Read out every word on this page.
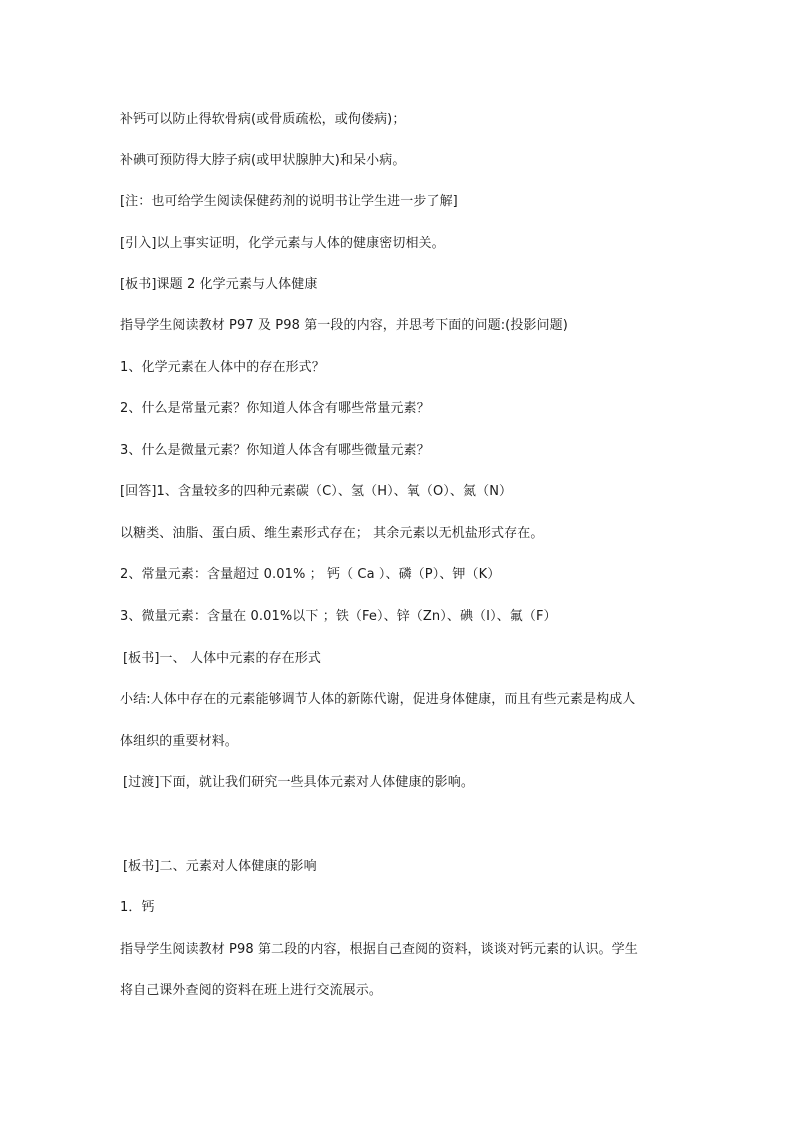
补钙可以防止得软骨病(或骨质疏松，或佝偻病)；
补碘可预防得大脖子病(或甲状腺肿大)和呆小病。
[注：也可给学生阅读保健药剂的说明书让学生进一步了解]
[引入]以上事实证明，化学元素与人体的健康密切相关。
[板书]课题 2 化学元素与人体健康
指导学生阅读教材 P97 及 P98 第一段的内容，并思考下面的问题:(投影问题)
1、化学元素在人体中的存在形式？
2、什么是常量元素？你知道人体含有哪些常量元素？
3、什么是微量元素？你知道人体含有哪些微量元素？
[回答]1、含量较多的四种元素碳（C）、氢（H）、氧（O）、氮（N）
以糖类、油脂、蛋白质、维生素形式存在； 其余元素以无机盐形式存在。
2、常量元素：含量超过 0.01% ； 钙（ Ca ）、磷（P）、钾（K）
3、微量元素：含量在 0.01%以下 ；铁（Fe）、锌（Zn）、碘（I）、氟（F）
[板书]一、 人体中元素的存在形式
小结:人体中存在的元素能够调节人体的新陈代谢，促进身体健康，而且有些元素是构成人
体组织的重要材料。
[过渡]下面，就让我们研究一些具体元素对人体健康的影响。
[板书]二、元素对人体健康的影响
1．钙
指导学生阅读教材 P98 第二段的内容，根据自己查阅的资料，谈谈对钙元素的认识。学生
将自己课外查阅的资料在班上进行交流展示。
